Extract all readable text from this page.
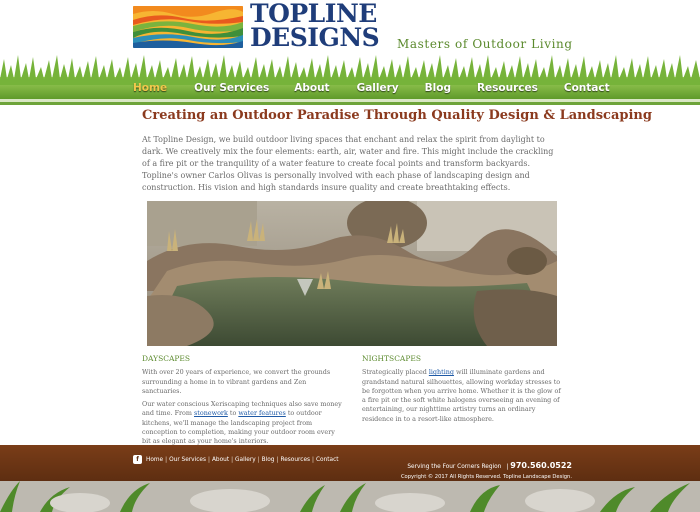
TOPLINE
DESIGNS Masters of Outdoor Living
Home	Our Services About	Gallery Blog Resources Contact
Creating an Outdoor Paradise Through Quality Design & Landscaping

At Topline Design, we build outdoor living spaces that enchant and relax the spirit from daylight to dark. We creatively mix the four elements: earth, air, water and fire. This might include the crackling of a fire pit or the tranquility of a water feature to create focal points and transform backyards. Topline's owner Carlos Olivas is personally involved with each phase of landscaping design and construction. His vision and high standards insure quality and create breathtaking effects.

DAYSCAPES

With over 20 years of experience, we convert the grounds surrounding a home in to vibrant gardens and Zen sanctuaries.

Our water conscious Xeriscaping techniques also save money and time. From stonework to water features to outdoor kitchens, we'll manage the landscaping project from conception to completion, making your outdoor room every bit as elegant as your home's interiors.

NIGHTSCAPES

Strategically placed lighting will illuminate gardens and grandstand natural silhouettes, allowing workday stresses to be forgotten when you arrive home. Whether it is the glow of a fire pit or the soft white halogens overseeing an evening of entertaining, our nighttime artistry turns an ordinary residence in to a resort-like atmosphere.

f	Home | Our Services | About | Gallery | Blog | Resources | Contact
Serving the Four Corners Region | 970.560.0522
Copyright © 2017 All Rights Reserved. Topline Landscape Design.
